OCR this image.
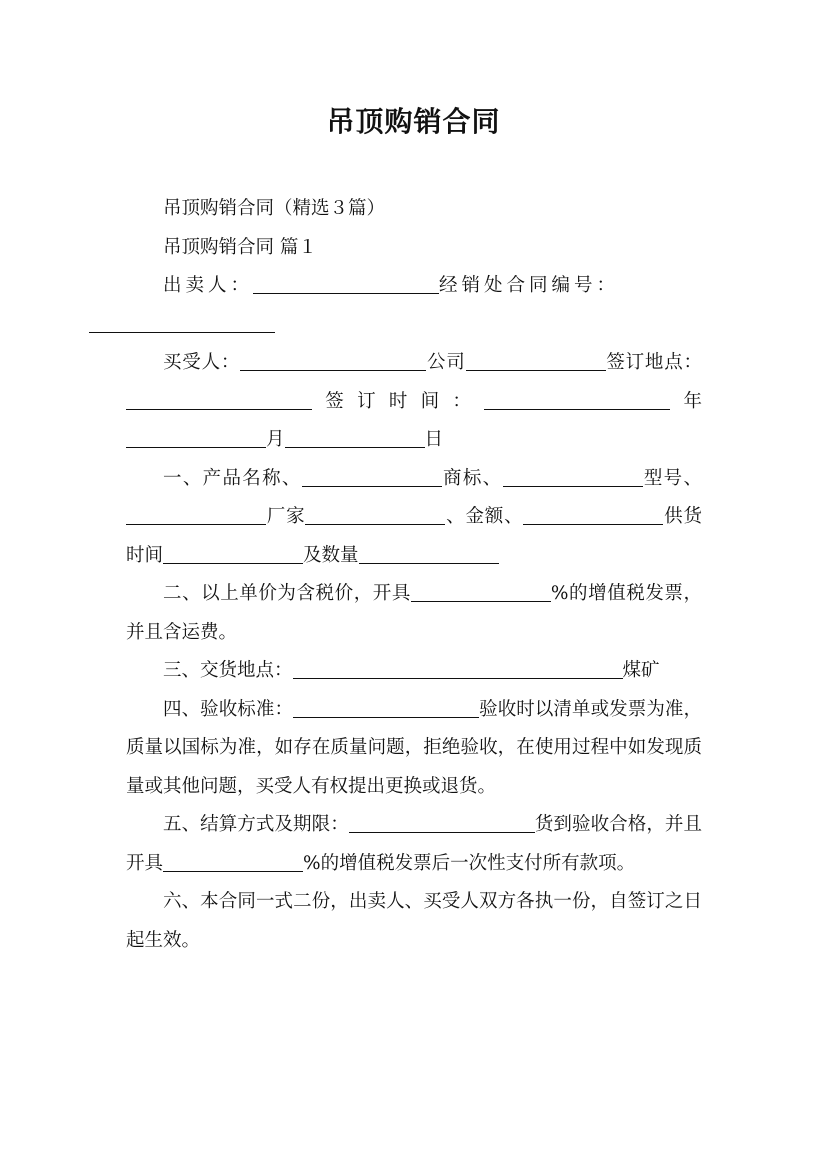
吊顶购销合同

吊顶购销合同（精选３篇）

吊顶购销合同 篇１

出卖人：	经销处合同编号：

买受人：	公司	签订地点：签订时间：	年月	日

一、产品名称、	商标、	型号、厂家	、金额、	供货时间	及数量

二、以上单价为含税价，开具	%的增值税发票，并且含运费。

三、交货地点：	煤矿

四、验收标准：	验收时以清单或发票为准，质量以国标为准，如存在质量问题，拒绝验收，在使用过程中如发现质量或其他问题，买受人有权提出更换或退货。

五、结算方式及期限：	货到验收合格，并且开具	%的增值税发票后一次性支付所有款项。

六、本合同一式二份，出卖人、买受人双方各执一份，自签订之日起生效。
